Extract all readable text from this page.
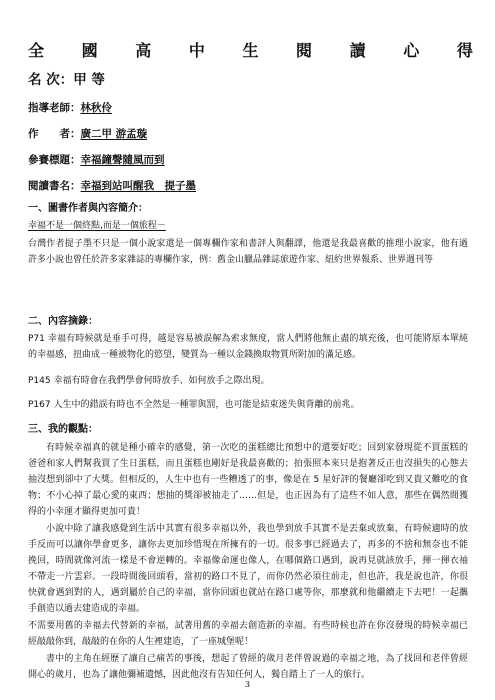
全 國 高 中 生 閱 讀 心 得
名 次：甲 等
指導老師：林秋伶
作　　者：廣二甲 游孟璇
參賽標題：幸福鐘聲隨風而到
閱讀書名：幸福到站叫醒我　提子墨
一、圖書作者與內容簡介：
幸福不是一個終點,而是一個旅程－
台灣作者提子墨不只是一個小說家還是一個專欄作家和書評人與翻譯，他還是我最喜歡的推理小說家，他有過許多小說也曾任於許多家雜誌的專欄作家，例：舊金山臘品雜誌旅遊作家、紐約世界報系、世界週刊等
二、內容摘錄：
P71 幸福有時候就是垂手可得，越是容易被誤解為索求無度，當人們將他無止盡的填充後，也可能將原本單純的幸福感，扭曲成一種被物化的慾望，變質為一種以金錢換取物質所附加的滿足感。
P145 幸福有時會在我們學會何時放手、如何放手之際出現。
P167 人生中的錯誤有時也不全然是一種罪與罰，也可能是結束迷失與背離的前兆。
三、我的觀點：
有時候幸福真的就是種小確幸的感覺，第一次吃的蛋糕總比預想中的還要好吃；回到家發現從不買蛋糕的爸爸和家人們幫我買了生日蛋糕，而且蛋糕也剛好是我最喜歡的；拍張照本來只是抱著反正也沒損失的心態去抽沒想到卻中了大獎。但相反的，人生中也有一些糟透了的事，像是在 5 星好評的餐廳卻吃到又貴又難吃的食物；不小心掉了最心愛的東西；想抽的獎卻被抽走了……但是，也正因為有了這些不如人意，那些在偶然間獲得的小幸運才顯得更加可貴！
小說中除了讓我感覺到生活中其實有很多幸福以外，我也學到放手其實不是丟棄或放棄，有時候適時的放手反而可以讓你學會更多，讓你去更加珍惜現在所擁有的一切。很多事已經過去了，再多的不捨和無奈也不能挽回，時間就像河流一樣是不會逆轉的。幸福像命運也像人，在哪個路口遇到，說再見就該放手，揮一揮衣袖不帶走一片雲彩。一段時間後回頭看，當初的路口不見了，而你仍然必須往前走，但也許，我是說也許，你很快就會遇到對的人，遇到屬於自己的幸福，當你回頭也就站在路口處等你，那麼就和他繼續走下去吧！一起攜手創造以過去建造成的幸福。
不需要用舊的幸福去代替新的幸福，試著用舊的幸福去創造新的幸福。有些時候也許在你沒發現的時候幸福已經敲敲你到，敲敲的在你的人生裡建造，了一座城堡呢！
書中的主角在經歷了讓自己痛苦的事後，想起了曾經的歲月老伴曾說過的幸福之地，為了找回和老伴曾經開心的歲月，也為了讓他彌補遺憾，因此他沒有告知任何人，獨自踏上了一人的旅行。
3
